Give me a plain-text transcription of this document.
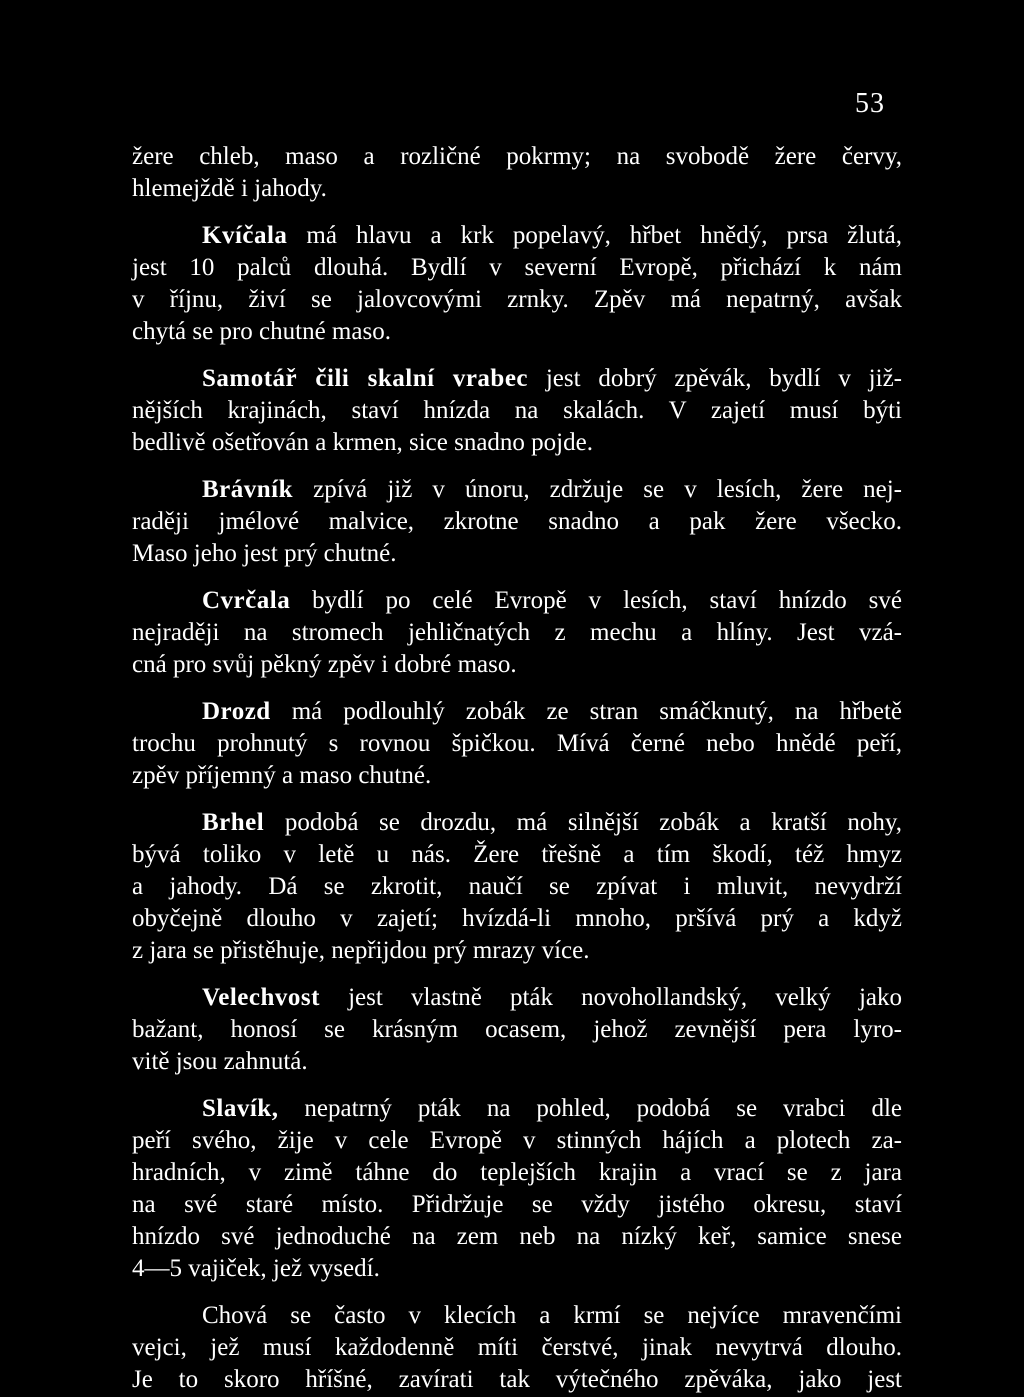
53
žere chleb, maso a rozličné pokrmy; na svobodě žere červy,
hlemejždě i jahody.
Kvíčala má hlavu a krk popelavý, hřbet hnědý, prsa žlutá,
jest 10 palců dlouhá. Bydlí v severní Evropě, přichází k nám
v říjnu, živí se jalovcovými zrnky. Zpěv má nepatrný, avšak
chytá se pro chutné maso.
Samotář čili skalní vrabec jest dobrý zpěvák, bydlí v již-
nějších krajinách, staví hnízda na skalách. V zajetí musí býti
bedlivě ošetřován a krmen, sice snadno pojde.
Brávník zpívá již v únoru, zdržuje se v lesích, žere nej-
raději jmélové malvice, zkrotne snadno a pak žere všecko.
Maso jeho jest prý chutné.
Cvrčala bydlí po celé Evropě v lesích, staví hnízdo své
nejraději na stromech jehličnatých z mechu a hlíny. Jest vzá-
cná pro svůj pěkný zpěv i dobré maso.
Drozd má podlouhlý zobák ze stran smáčknutý, na hřbetě
trochu prohnutý s rovnou špičkou. Mívá černé nebo hnědé peří,
zpěv příjemný a maso chutné.
Brhel podobá se drozdu, má silnější zobák a kratší nohy,
bývá toliko v letě u nás. Žere třešně a tím škodí, též hmyz
a jahody. Dá se zkrotit, naučí se zpívat i mluvit, nevydrží
obyčejně dlouho v zajetí; hvízdá-li mnoho, pršívá prý a když
z jara se přistěhuje, nepřijdou prý mrazy více.
Velechvost jest vlastně pták novohollandský, velký jako
bažant, honosí se krásným ocasem, jehož zevnější pera lyro-
vitě jsou zahnutá.
Slavík, nepatrný pták na pohled, podobá se vrabci dle
peří svého, žije v cele Evropě v stinných hájích a plotech za-
hradních, v zimě táhne do teplejších krajin a vrací se z jara
na své staré místo. Přidržuje se vždy jistého okresu, staví
hnízdo své jednoduché na zem neb na nízký keř, samice snese
4—5 vajiček, jež vysedí.
Chová se často v klecích a krmí se nejvíce mravenčími
vejci, jež musí každodenně míti čerstvé, jinak nevytrvá dlouho.
Je to skoro hříšné, zavírati tak výtečného zpěváka, jako jest
